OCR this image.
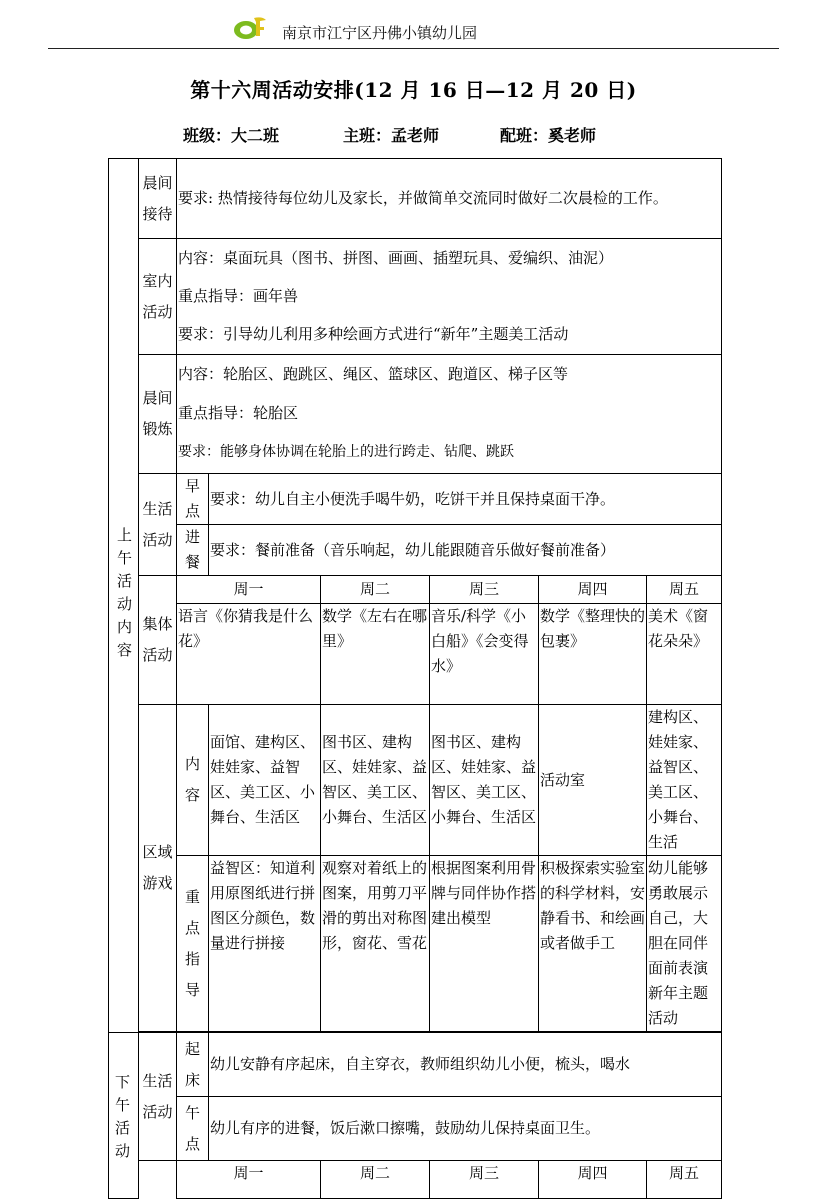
南京市江宁区丹佛小镇幼儿园
第十六周活动安排(12 月 16 日—12 月 20 日)
班级：大二班	主班：孟老师	配班：奚老师
上午活动内容	晨间接待	要求: 热情接待每位幼儿及家长，并做简单交流同时做好二次晨检的工作。					
	室内活动	内容：桌面玩具（图书、拼图、画画、插塑玩具、爱编织、油泥）
重点指导：画年兽
要求：引导幼儿利用多种绘画方式进行“新年”主题美工活动					

	晨间锻炼	内容：轮胎区、跑跳区、绳区、篮球区、跑道区、梯子区等
重点指导：轮胎区
要求：能够身体协调在轮胎上的进行跨走、钻爬、跳跃					

	生活活动	早点	要求：幼儿自主小便洗手喝牛奶，吃饼干并且保持桌面干净。				
		进餐	要求：餐前准备（音乐响起，幼儿能跟随音乐做好餐前准备）				
	集体活动	周一		周二	周三	周四	周五
		语言《你猜我是什么花》		数学《左右在哪里》	音乐/科学《小白船》《会变得水》	数学《整理快的包裹》	美术《窗花朵朵》
	区域游戏	内容	面馆、建构区、娃娃家、益智区、美工区、小舞台、生活区	图书区、建构区、娃娃家、益智区、美工区、小舞台、生活区	图书区、建构区、娃娃家、益智区、美工区、小舞台、生活区	活动室	建构区、娃娃家、益智区、美工区、小舞台、生活
		重点指导	益智区：知道利用原图纸进行拼图区分颜色，数量进行拼接	观察对着纸上的图案，用剪刀平滑的剪出对称图形，窗花、雪花	根据图案利用骨牌与同伴协作搭建出模型	积极探索实验室的科学材料，安静看书、和绘画或者做手工	幼儿能够勇敢展示自己，大胆在同伴面前表演新年主题活动

下午活动	生活活动	起床	幼儿安静有序起床，自主穿衣，教师组织幼儿小便，梳头，喝水				
		午点	幼儿有序的进餐，饭后漱口擦嘴，鼓励幼儿保持桌面卫生。				
		周一		周二	周三	周四	周五
